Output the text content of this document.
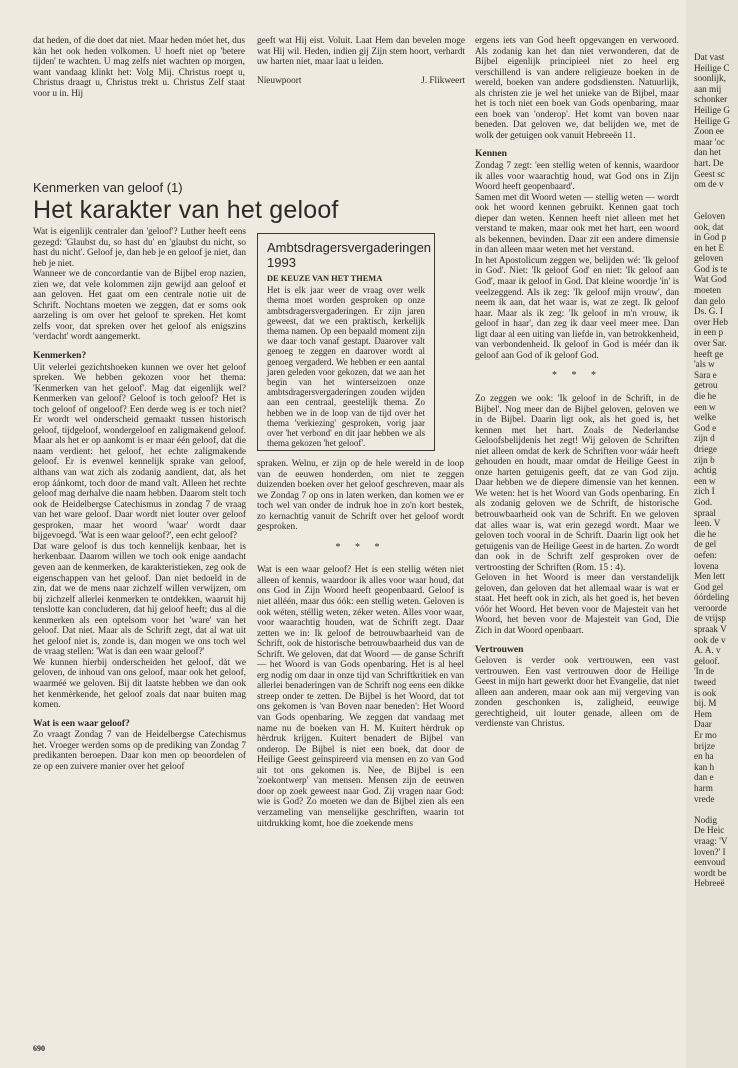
dat heden, of die doet dat niet. Maar heden móet het, dus kàn het ook heden volkomen. U hoeft niet op 'betere tijden' te wachten. U mag zelfs niet wachten op morgen, want vandaag klinkt het: Volg Mij. Christus roept u, Christus draagt u, Christus trekt u. Christus Zelf staat voor u in. Hij

geeft wat Hij eist. Voluit. Laat Hem dan bevelen moge wat Hij wil. Heden, indien gij Zijn stem hoort, verhardt uw harten niet, maar laat u leiden.

Nieuwpoort	J. Flikweert
Kenmerken van geloof (1)
Het karakter van het geloof

Wat is eigenlijk centraler dan 'geloof'? Luther heeft eens gezegd: 'Glaubst du, so hast du' en 'glaubst du nicht, so hast du nicht'. Geloof je, dan heb je en geloof je niet, dan heb je niet.

Wanneer we de concordantie van de Bijbel erop nazien, zien we, dat vele kolommen zijn gewijd aan geloof et aan geloven. Het gaat om een centrale notie uit de Schrift. Nochtans moeten we zeggen, dat er soms ook aarzeling is om over het geloof te spreken. Het komt zelfs voor, dat spreken over het geloof als enigszins 'verdacht' wordt aangemerkt.

Kenmerken?

Uit velerlei gezichtshoeken kunnen we over het geloof spreken. We hebben gekozen voor het thema: 'Kenmerken van het geloof'. Mag dat eigenlijk wel? Kenmerken van geloof? Geloof is toch geloof? Het is toch geloof of ongeloof? Een derde weg is er toch niet? Er wordt wel onderscheid gemaakt tussen historisch geloof, tijdgeloof, wondergeloof en zaligmakend geloof. Maar als het er op aankomt is er maar één geloof, dat die naam verdient: het geloof, het echte zaligmakende geloof. Er is evenwel kennelijk sprake van geloof, althans van wat zich als zodanig aandient, dat, als het erop áánkomt, toch door de mand valt. Alleen het rechte geloof mag derhalve die naam hebben. Daarom stelt toch ook de Heidelbergse Catechismus in zondag 7 de vraag van het ware geloof. Daar wordt niet louter over geloof gesproken, maar het woord 'waar' wordt daar bijgevoegd. 'Wat is een waar geloof?', een echt geloof?

Dat ware geloof is dus toch kennelijk kenbaar, het is herkenbaar. Daarom willen we toch ook enige aandacht geven aan de kenmerken, de karakteristieken, zeg ook de eigenschappen van het geloof. Dan niet bedoeld in de zin, dat we de mens naar zichzelf willen verwijzen, om bij zichzelf allerlei kenmerken te ontdekken, waaruit hij tenslotte kan concluderen, dat hij geloof heeft; dus al die kenmerken als een optelsom voor het 'ware' van het geloof. Dat niet. Maar als de Schrift zegt, dat al wat uit het geloof niet is, zonde is, dan mogen we ons toch wel de vraag stellen: 'Wat is dan een waar geloof?'

We kunnen hierbij onderscheiden het geloof, dàt we geloven, de inhoud van ons geloof, maar ook het geloof, waarméé we geloven. Bij dit laatste hebben we dan ook het kenmèrkende, het geloof zoals dat naar buiten mag komen.

Wat is een waar geloof?

Zo vraagt Zondag 7 van de Heidelbergse Catechismus het. Vroeger werden soms op de prediking van Zondag 7 predikanten beroepen. Daar kon men op beoordelen of ze op een zuivere manier over het geloof

Ambtsdragersvergaderingen 1993
DE KEUZE VAN HET THEMA
Het is elk jaar weer de vraag over welk thema moet worden gesproken op onze ambtsdragersvergaderingen. Er zijn jaren geweest, dat we een praktisch, kerkelijk thema namen. Op een bepaald moment zijn we daar toch vanaf gestapt. Daarover valt genoeg te zeggen en daarover wordt al genoeg vergaderd. We hebben er een aantal jaren geleden voor gekozen, dat we aan het begin van het winterseizoen onze ambtsdragersvergaderingen zouden wijden aan een centraal, geestelijk thema. Zo hebben we in de loop van de tijd over het thema 'verkiezing' gesproken, vorig jaar over 'het verbond' en dit jaar hebben we als thema gekozen 'het geloof'.

spraken. Welnu, er zijn op de hele wereld in de loop van de eeuwen honderden, om niet te zeggen duizenden boeken over het geloof geschreven, maar als we Zondag 7 op ons in laten werken, dan komen we er toch wel van onder de indruk hoe in zo'n kort bestek, zo kernachtig vanuit de Schrift over het geloof wordt gesproken.

* * *

Wat is een waar geloof? Het is een stellig wéten niet alleen of kennis, waardoor ik alles voor waar houd, dat ons God in Zijn Woord heeft geopenbaard. Geloof is niet alléén, maar dus óók: een stellig weten. Geloven is ook wéten, stéllig weten, zéker weten. Alles voor waar, voor waarachtig houden, wat de Schrift zegt. Daar zetten we in: Ik geloof de betrouwbaarheid van de Schrift, ook de historische betrouwbaarheid dus van de Schrift. We geloven, dat dat Woord — de ganse Schrift — het Woord is van Gods openbaring. Het is al heel erg nodig om daar in onze tijd van Schriftkritiek en van allerlei benaderingen van de Schrift nog eens een dikke streep onder te zetten. De Bijbel is het Woord, dat tot ons gekomen is 'van Boven naar beneden': Het Woord van Gods openbaring. We zeggen dat vandaag met name nu de boeken van H. M. Kuitert hèrdruk op hèrdruk krijgen. Kuitert benadert de Bijbel van onderop. De Bijbel is niet een boek, dat door de Heilige Geest geïnspireerd via mensen en zo van God uit tot ons gekomen is. Nee, de Bijbel is een 'zoekontwerp' van mensen. Mensen zijn de eeuwen door op zoek geweest naar God. Zij vragen naar God: wie is God? Zo moeten we dan de Bijbel zien als een verzameling van menselijke geschriften, waarin tot uitdrukking komt, hoe die zoekende mens

ergens iets van God heeft opgevangen en verwoord. Als zodanig kan het dan niet verwonderen, dat de Bijbel eigenlijk principieel niet zo heel erg verschillend is van andere religieuze boeken in de wereld, boeken van andere godsdiensten. Natuurlijk, als christen zie je wel het unieke van de Bijbel, maar het is toch niet een boek van Gods openbaring, maar een boek van 'onderop'. Het komt van boven naar beneden. Dat geloven we, dat belijden we, met de wolk der getuigen ook vanuit Hebreeën 11.

Kennen

Zondag 7 zegt: 'een stellig weten of kennis, waardoor ik alles voor waarachtig houd, wat God ons in Zijn Woord heeft geopenbaard'.

Samen met dit Woord weten — stellig weten — wordt ook het woord kennen gebruikt. Kennen gaat toch dieper dan weten. Kennen heeft niet alleen met het verstand te maken, maar ook met het hart, een woord als bekennen, bevinden. Daar zit een andere dimensie in dan alleen maar weten met het verstand.

In het Apostolicum zeggen we, belijden wé: 'Ik geloof in God'. Niet: 'Ik geloof God' en niet: 'Ik geloof aan God', maar ik geloof in God. Dat kleine woordje 'in' is veelzeggend. Als ik zeg: 'Ik geloof mijn vrouw', dan neem ik aan, dat het waar is, wat ze zegt. Ik geloof haar. Maar als ik zeg: 'Ik geloof in m'n vrouw, ik geloof in haar', dan zeg ik daar veel meer mee. Dan ligt daar al een uiting van liefde in, van betrokkenheid, van verbondenheid. Ik geloof in God is méér dan ik geloof aan God of ik geloof God.

* * *

Zo zeggen we ook: 'Ik geloof in de Schrift, in de Bijbel'. Nog meer dan de Bijbel geloven, geloven we in de Bijbel. Daarin ligt ook, als het goed is, het kennen met het hart. Zoals de Nederlandse Geloofsbelijdenis het zegt! Wij geloven de Schriften niet alleen omdat de kerk de Schriften voor wáár heeft gehouden en houdt, maar omdat de Heilige Geest in onze harten getuigenis geeft, dat ze van God zijn. Daar hebben we de diepere dimensie van het kennen. We weten: het is het Woord van Gods openbaring. En als zodanig geloven we de Schrift, de historische betrouwbaarheid ook van de Schrift. En we geloven dat alles waar is, wat erin gezegd wordt. Maar we geloven toch vooral in de Schrift. Daarin ligt ook het getuigenis van de Heilige Geest in de harten. Zo wordt dan ook in de Schrift zelf gesproken over de vertroosting der Schriften (Rom. 15 : 4).

Geloven in het Woord is meer dan verstandelijk geloven, dan geloven dat het allemaal waar is wat er staat. Het heeft ook in zich, als het goed is, het beven vóór het Woord. Het beven voor de Majesteit van het Woord, het beven voor de Majesteit van God, Die Zich in dat Woord openbaart.

Vertrouwen

Geloven is verder ook vertrouwen, een vast vertrouwen. Een vast vertrouwen door de Heilige Geest in mijn hart gewerkt door het Evangelie, dat niet alleen aan anderen, maar ook aan mij vergeving van zonden geschonken is, zaligheid, eeuwige gerechtigheid, uit louter genade, alleen om de verdienste van Christus.

690
Dat vast
Heilige C
soonlijk,
aan mij
schonker
Heilige G
Heilige G
Zoon ee
maar 'oc
dan het
hart. De
Geest sc
om de v
Geloven
ook, dat
in God p
en het E
geloven
God is te
Wat God
moeten
dan gelo
Ds. G. I
over Heb
in een p
over Sar.
heeft ge
'als w
Sara e
getrou
die he
een w
welke
God e
zijn d
driege
zijn b
achtig
een w
zich I
God.
spraal
leen. V
die he
de gel
oefen:
lovena
Men lett
God gel
óórdeling
veroorde
de vrijsp
spraak V
ook de v
A. A. v
geloof.
'In de
tweed
is ook
bij. M
Hem
Daar
Er mo
brijze
en ha
kan h
dan e
harm
vrede
Nodig
De Heic
vraag: 'V
loven?' I
eenvoud
wordt be
Hebreeë
